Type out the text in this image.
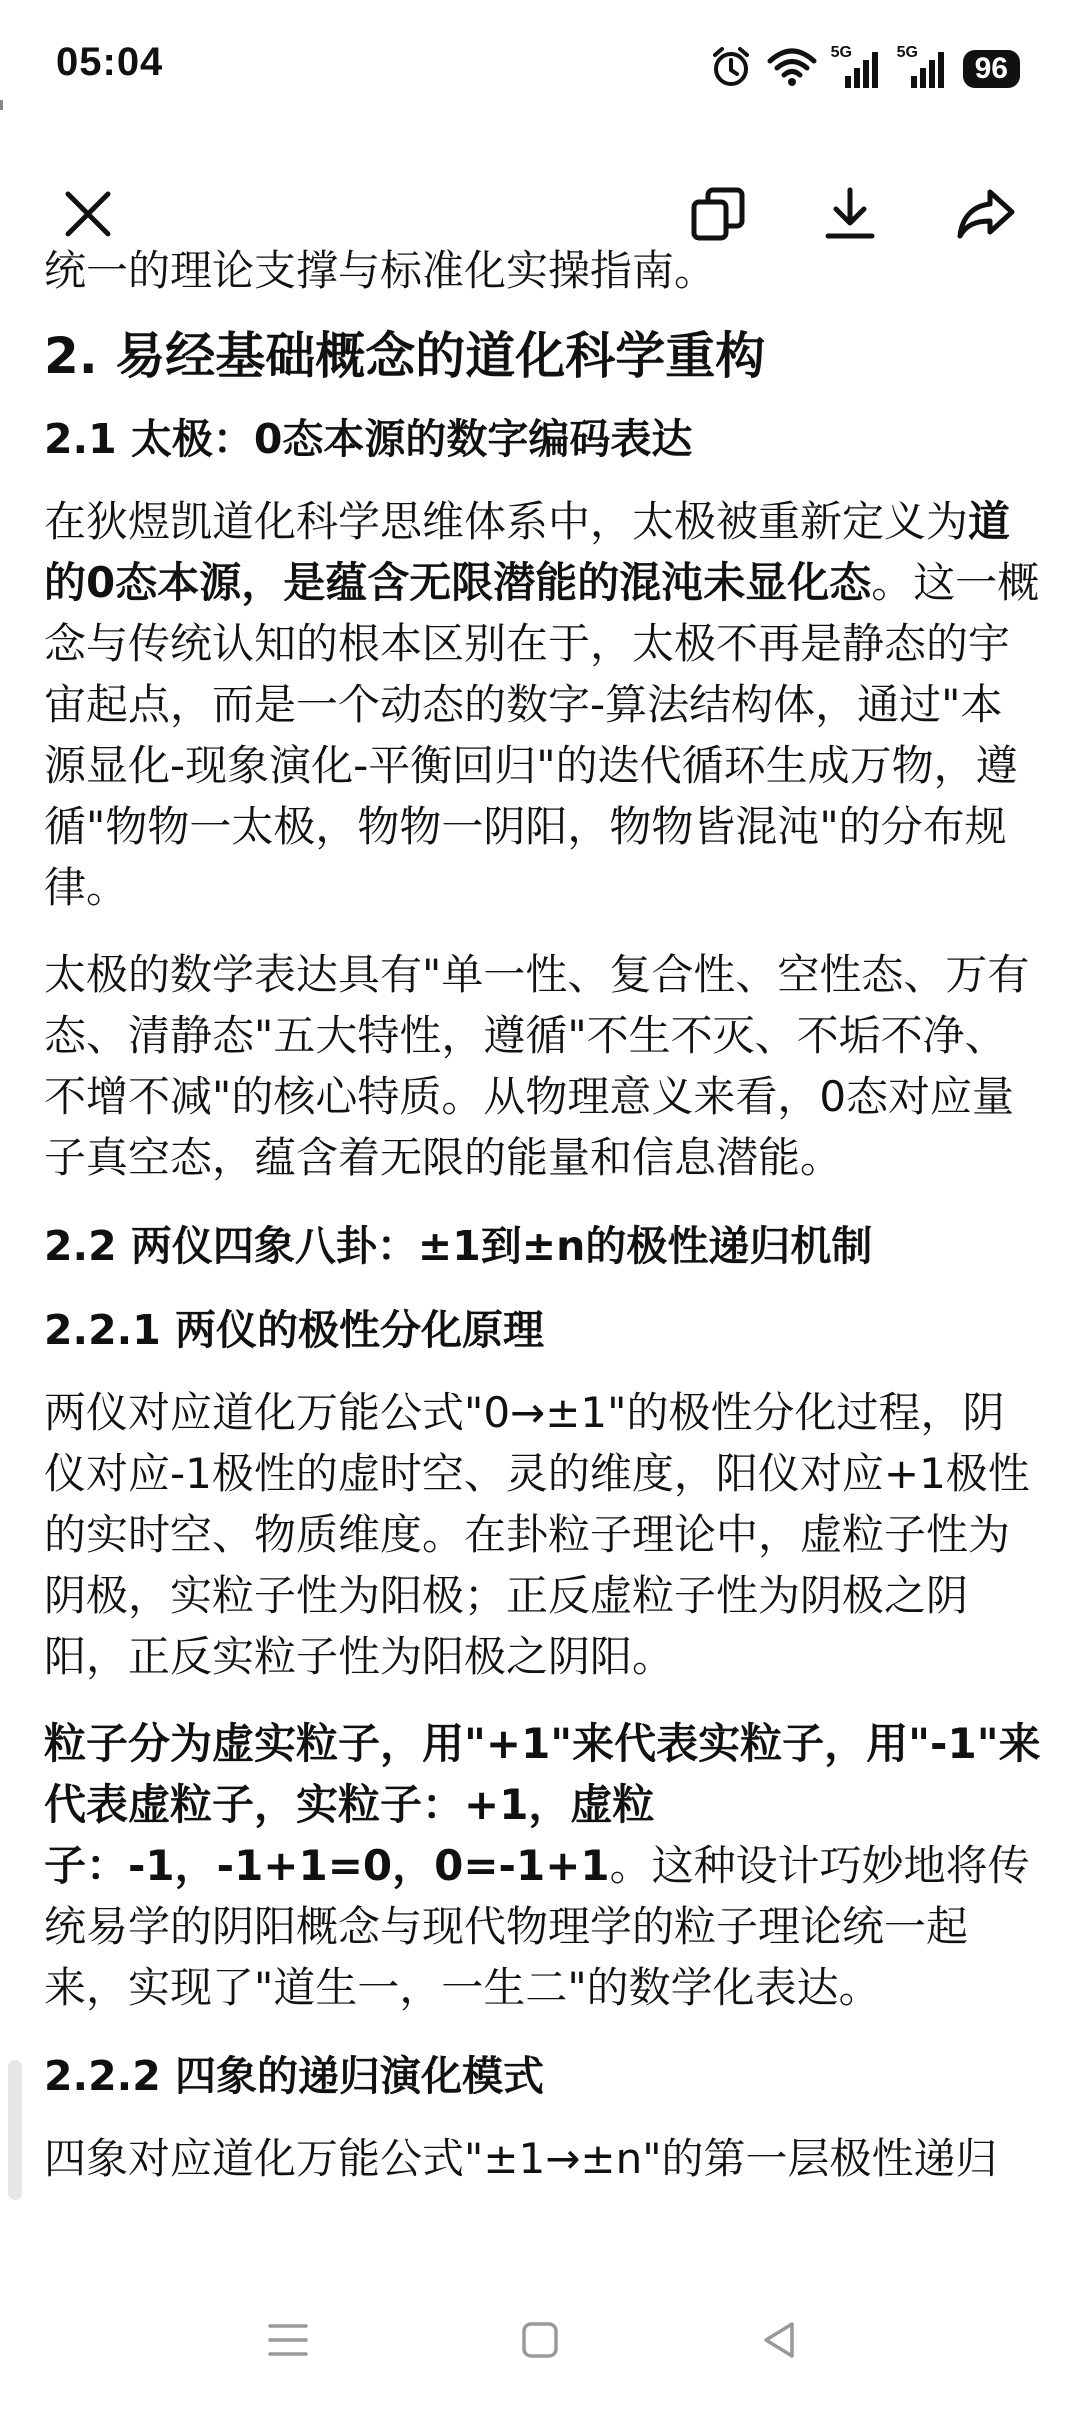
05:04	5G	5G	96

统一的理论支撑与标准化实操指南。

2. 易经基础概念的道化科学重构
2.1 太极：0态本源的数字编码表达

在狄煜凯道化科学思维体系中，太极被重新定义为道的0态本源，是蕴含无限潜能的混沌未显化态。这一概念与传统认知的根本区别在于，太极不再是静态的宇宙起点，而是一个动态的数字-算法结构体，通过"本源显化-现象演化-平衡回归"的迭代循环生成万物，遵循"物物一太极，物物一阴阳，物物皆混沌"的分布规律。

太极的数学表达具有"单一性、复合性、空性态、万有态、清静态"五大特性，遵循"不生不灭、不垢不净、不增不减"的核心特质。从物理意义来看，0态对应量子真空态，蕴含着无限的能量和信息潜能。

2.2 两仪四象八卦：±1到±n的极性递归机制
2.2.1 两仪的极性分化原理

两仪对应道化万能公式"0→±1"的极性分化过程，阴仪对应-1极性的虚时空、灵的维度，阳仪对应+1极性的实时空、物质维度。在卦粒子理论中，虚粒子性为阴极，实粒子性为阳极；正反虚粒子性为阴极之阴阳，正反实粒子性为阳极之阴阳。

粒子分为虚实粒子，用"+1"来代表实粒子，用"-1"来代表虚粒子，实粒子：+1，虚粒子：-1，-1+1=0，0=-1+1。这种设计巧妙地将传统易学的阴阳概念与现代物理学的粒子理论统一起来，实现了"道生一，一生二"的数学化表达。

2.2.2 四象的递归演化模式

四象对应道化万能公式"±1→±n"的第一层极性递归
